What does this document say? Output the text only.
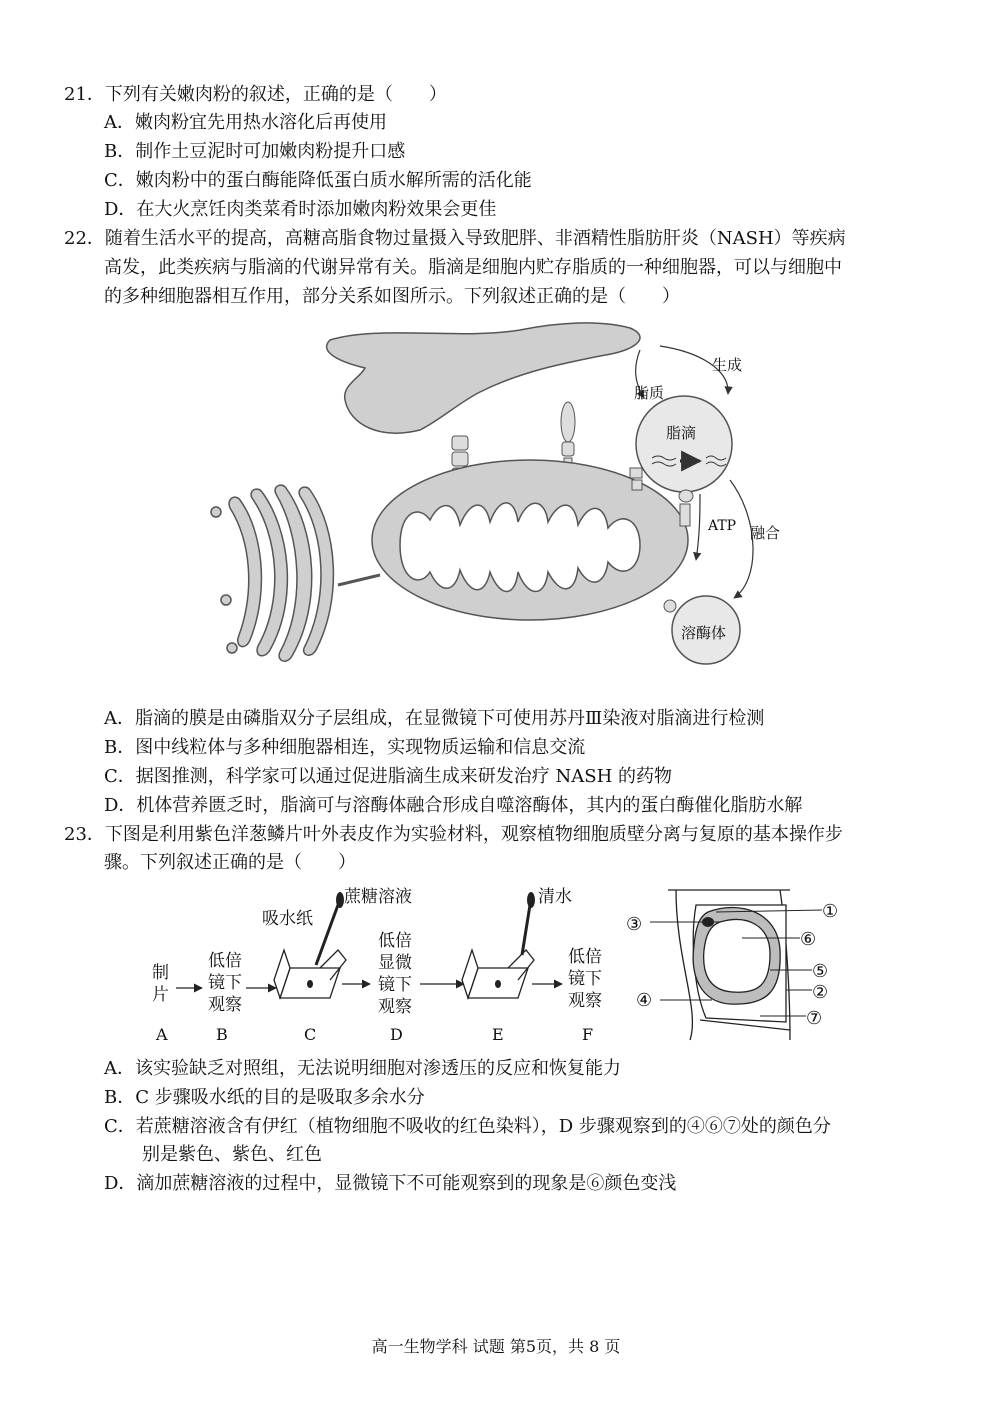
21．下列有关嫩肉粉的叙述，正确的是（　　）
A．嫩肉粉宜先用热水溶化后再使用
B．制作土豆泥时可加嫩肉粉提升口感
C．嫩肉粉中的蛋白酶能降低蛋白质水解所需的活化能
D．在大火烹饪肉类菜肴时添加嫩肉粉效果会更佳
22．随着生活水平的提高，高糖高脂食物过量摄入导致肥胖、非酒精性脂肪肝炎（NASH）等疾病
高发，此类疾病与脂滴的代谢异常有关。脂滴是细胞内贮存脂质的一种细胞器，可以与细胞中
的多种细胞器相互作用，部分关系如图所示。下列叙述正确的是（　　）
生成
脂质
脂滴
ATP 融合
溶酶体
A．脂滴的膜是由磷脂双分子层组成，在显微镜下可使用苏丹Ⅲ染液对脂滴进行检测
B．图中线粒体与多种细胞器相连，实现物质运输和信息交流
C．据图推测，科学家可以通过促进脂滴生成来研发治疗 NASH 的药物
D．机体营养匮乏时，脂滴可与溶酶体融合形成自噬溶酶体，其内的蛋白酶催化脂肪水解
23．下图是利用紫色洋葱鳞片叶外表皮作为实验材料，观察植物细胞质壁分离与复原的基本操作步
骤。下列叙述正确的是（　　）
制
片
低倍
镜下
观察
吸水纸
蔗糖溶液
低倍
显微
镜下
观察
清水
低倍
镜下
观察
A	B	C	D	E	F
①
②
③
④
⑤
⑥
⑦
A．该实验缺乏对照组，无法说明细胞对渗透压的反应和恢复能力
B．C 步骤吸水纸的目的是吸取多余水分
C．若蔗糖溶液含有伊红（植物细胞不吸收的红色染料），D 步骤观察到的④⑥⑦处的颜色分
别是紫色、紫色、红色
D．滴加蔗糖溶液的过程中，显微镜下不可能观察到的现象是⑥颜色变浅
高一生物学科 试题 第5页，共 8 页
